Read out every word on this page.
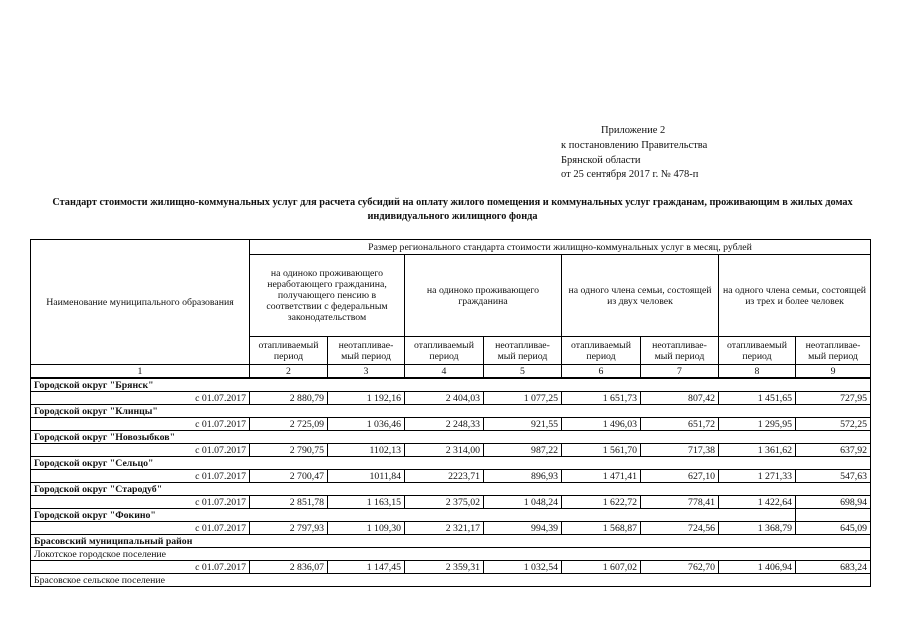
Приложение 2
к постановлению Правительства
Брянской области
от 25 сентября 2017 г. № 478-п
Стандарт стоимости жилищно-коммунальных услуг для расчета субсидий на оплату жилого помещения и коммунальных услуг гражданам, проживающим в жилых домах индивидуального жилищного фонда
Наименование муниципального образования	Размер регионального стандарта стоимости жилищно-коммунальных услуг в месяц, рублей							
	на одиноко проживающего неработающего гражданина, получающего пенсию в соответствии с федеральным законодательством		на одиноко проживающего гражданина		на одного члена семьи, состоящей из двух человек		на одного члена семьи, состоящей из трех и более человек	
	отапливаемый период	неотапливае-мый период	отапливаемый период	неотапливае-мый период	отапливаемый период	неотапливае-мый период	отапливаемый период	неотапливае-мый период
1	2	3	4	5	6	7	8	9
Городской округ "Брянск"								
с 01.07.2017	2 880,79	1 192,16	2 404,03	1 077,25	1 651,73	807,42	1 451,65	727,95
Городской округ "Клинцы"								
с 01.07.2017	2 725,09	1 036,46	2 248,33	921,55	1 496,03	651,72	1 295,95	572,25
Городской округ "Новозыбков"								
с 01.07.2017	2 790,75	1102,13	2 314,00	987,22	1 561,70	717,38	1 361,62	637,92
Городской округ "Сельцо"								
с 01.07.2017	2 700,47	1011,84	2223,71	896,93	1 471,41	627,10	1 271,33	547,63
Городской округ "Стародуб"								
с 01.07.2017	2 851,78	1 163,15	2 375,02	1 048,24	1 622,72	778,41	1 422,64	698,94
Городской округ "Фокино"								
с 01.07.2017	2 797,93	1 109,30	2 321,17	994,39	1 568,87	724,56	1 368,79	645,09
Брасовский муниципальный район								
Локотское городское поселение								
с 01.07.2017	2 836,07	1 147,45	2 359,31	1 032,54	1 607,02	762,70	1 406,94	683,24
Брасовское сельское поселение								
